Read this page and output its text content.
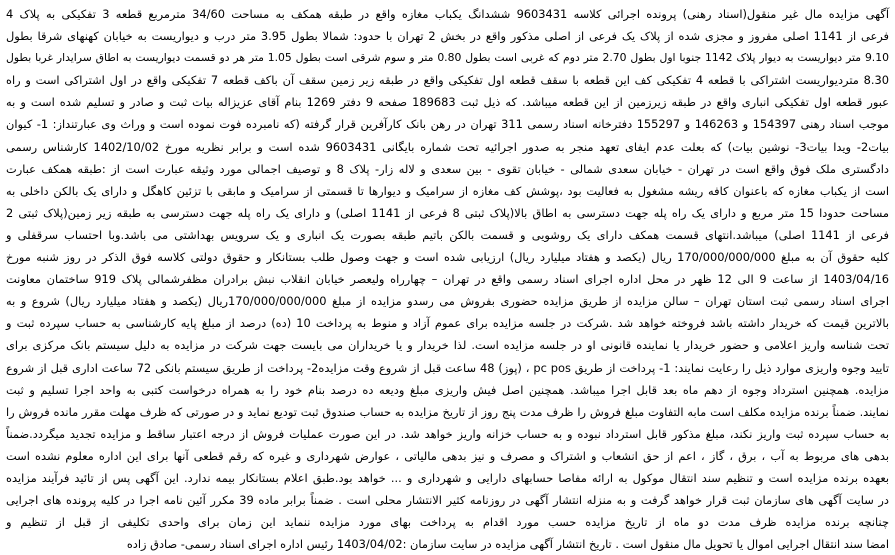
آگهی مزایده مال غیر منقول(اسناد رهنی) پرونده اجرائی کلاسه 9603431 ششدانگ یکباب مغازه واقع در طبقه همکف به مساحت 34/60 مترمربع قطعه 3 تفکیکی به پلاک 4
فرعی از 1141 اصلی مفروز و مجزی شده از پلاک یک فرعی از اصلی مذکور واقع در بخش 2 تهران با حدود: شمالا بطول 3.95 متر درب و دیواریست به خیابان کهنهای شرقا بطول
9.10 متر دیواریست به دیوار پلاک 1142 جنوبا اول بطول 2.70 متر دوم که غربی است بطول 0.80 متر و سوم شرقی است بطول 1.05 متر هر دو قسمت دیواریست به اطاق سرایدار غربا بطول
8.30 متردیواریست اشتراکی با قطعه 4 تفکیکی کف این قطعه با سقف قطعه اول تفکیکی واقع در طبقه زیر زمین سقف آن باکف قطعه 7 تفکیکی واقع در اول اشتراکی است و راه
عبور قطعه اول تفکیکی انباری واقع در طبقه زیرزمین از این قطعه میباشد. که ذیل ثبت 189683 صفحه 9 دفتر 1269 بنام آقای عزیزاله بیات ثبت و صادر و تسلیم شده است و به
موجب اسناد رهنی 154397 و 146263 و 155297 دفترخانه اسناد رسمی 311 تهران در رهن بانک کارآفرین قرار گرفته (که نامبرده فوت نموده است و وراث وی عبارتنداز: 1- کیوان
بیات2- ویدا بیات3- نوشین بیات) که بعلت عدم ایفای تعهد منجر به صدور اجرائیه تحت شماره بایگانی 9603431 شده است و برابر نظریه مورخ 1402/10/02 کارشناس رسمی
دادگستری ملک فوق واقع است در تهران - خیابان سعدی شمالی - خیابان تقوی - بین سعدی و لاله زار- پلاک 8 و توصیف اجمالی مورد وثیقه عبارت است از :طبقه همکف عبارت
است از یکباب مغازه که باعنوان کافه ریشه مشغول به فعالیت بود ،پوشش کف مغازه از سرامیک و دیوارها تا قسمتی از سرامیک و مابقی با تزئین کاهگل و دارای یک بالکن داخلی به
مساحت حدودا 15 متر مربع و دارای یک راه پله جهت دسترسی به اطاق بالا(پلاک ثبتی 8 فرعی از 1141 اصلی) و دارای یک راه پله جهت دسترسی به طبقه زیر زمین(پلاک ثبتی 2
فرعی از 1141 اصلی) میباشد.انتهای قسمت همکف دارای یک روشویی و قسمت بالکن باتیم طبقه بصورت یک انباری و یک سرویس بهداشتی می باشد.وبا احتساب سرقفلی و
کلیه حقوق آن به مبلغ 170/000/000/000 ریال (یکصد و هفتاد میلیارد ریال) ارزیابی شده است و جهت وصول طلب بستانکار و حقوق دولتی کلاسه فوق الذکر در روز شنبه مورخ
1403/04/16 از ساعت 9 الی 12 ظهر در محل اداره اجرای اسناد رسمی واقع در تهران – چهارراه ولیعصر خیابان انقلاب نبش برادران مظفرشمالی پلاک 919 ساختمان معاونت
اجرای اسناد رسمی ثبت استان تهران – سالن مزایده از طریق مزایده حضوری بفروش می رسدو مزایده از مبلغ 170/000/000/000ریال (یکصد و هفتاد میلیارد ریال) شروع و به
بالاترین قیمت که خریدار داشته باشد فروخته خواهد شد .شرکت در جلسه مزایده برای عموم آزاد و منوط به پرداخت 10 (ده) درصد از مبلغ پایه کارشناسی به حساب سپرده ثبت و
تحت شناسه واریز اعلامی و حضور خریدار یا نماینده قانونی او در جلسه مزایده است. لذا خریدار و یا خریداران می بایست جهت شرکت در مزایده به دلیل سیستم بانک مرکزی برای
تایید وجوه واریزی موارد ذیل را رعایت نمایند: 1- پرداخت از طریق pc pos ، (پوز) 48 ساعت قبل از شروع وقت مزایده2- پرداخت از طریق سیستم بانکی 72 ساعت اداری قبل از شروع
مزایده. همچنین استرداد وجوه از دهم ماه بعد قابل اجرا میباشد. همچنین اصل فیش واریزی مبلغ ودیعه ده درصد بنام خود را به همراه درخواست کتبی به واحد اجرا تسلیم و ثبت
نمایند. ضمناً برنده مزایده مکلف است مابه التفاوت مبلغ فروش را ظرف مدت پنج روز از تاریخ مزایده به حساب صندوق ثبت تودیع نماید و در صورتی که ظرف مهلت مقرر مانده فروش را
به حساب سپرده ثبت واریز نکند، مبلغ مذکور قابل استرداد نبوده و به حساب خزانه واریز خواهد شد. در این صورت عملیات فروش از درجه اعتبار ساقط و مزایده تجدید میگردد.ضمناً
بدهی های مربوط به آب ، برق ، گاز ، اعم از حق انشعاب و اشتراک و مصرف و نیز بدهی مالیاتی ، عوارض شهرداری و غیره که رقم قطعی آنها برای این اداره معلوم نشده است
بعهده برنده مزایده است و تنظیم سند انتقال موکول به ارائه مفاصا حسابهای دارایی و شهرداری و ... خواهد بود.طبق اعلام بستانکار بیمه ندارد. این آگهی پس از تائید فرآیند مزایده
در سایت آگهی های سازمان ثبت قرار خواهد گرفت و به منزله انتشار آگهی در روزنامه کثیر الانتشار محلی است . ضمناً برابر ماده 39 مکرر آئین نامه اجرا در کلیه پرونده های اجرایی
چنانچه برنده مزایده ظرف مدت دو ماه از تاریخ مزایده حسب مورد اقدام به پرداخت بهای مورد مزایده ننماید این زمان برای واحدی تکلیفی از قبل از تنظیم و
امضا سند انتقال اجرایی اموال یا تحویل مال منقول است . تاریخ انتشار آگهی مزایده در سایت سازمان :1403/04/02 رئیس اداره اجرای اسناد رسمی- صادق زاده
